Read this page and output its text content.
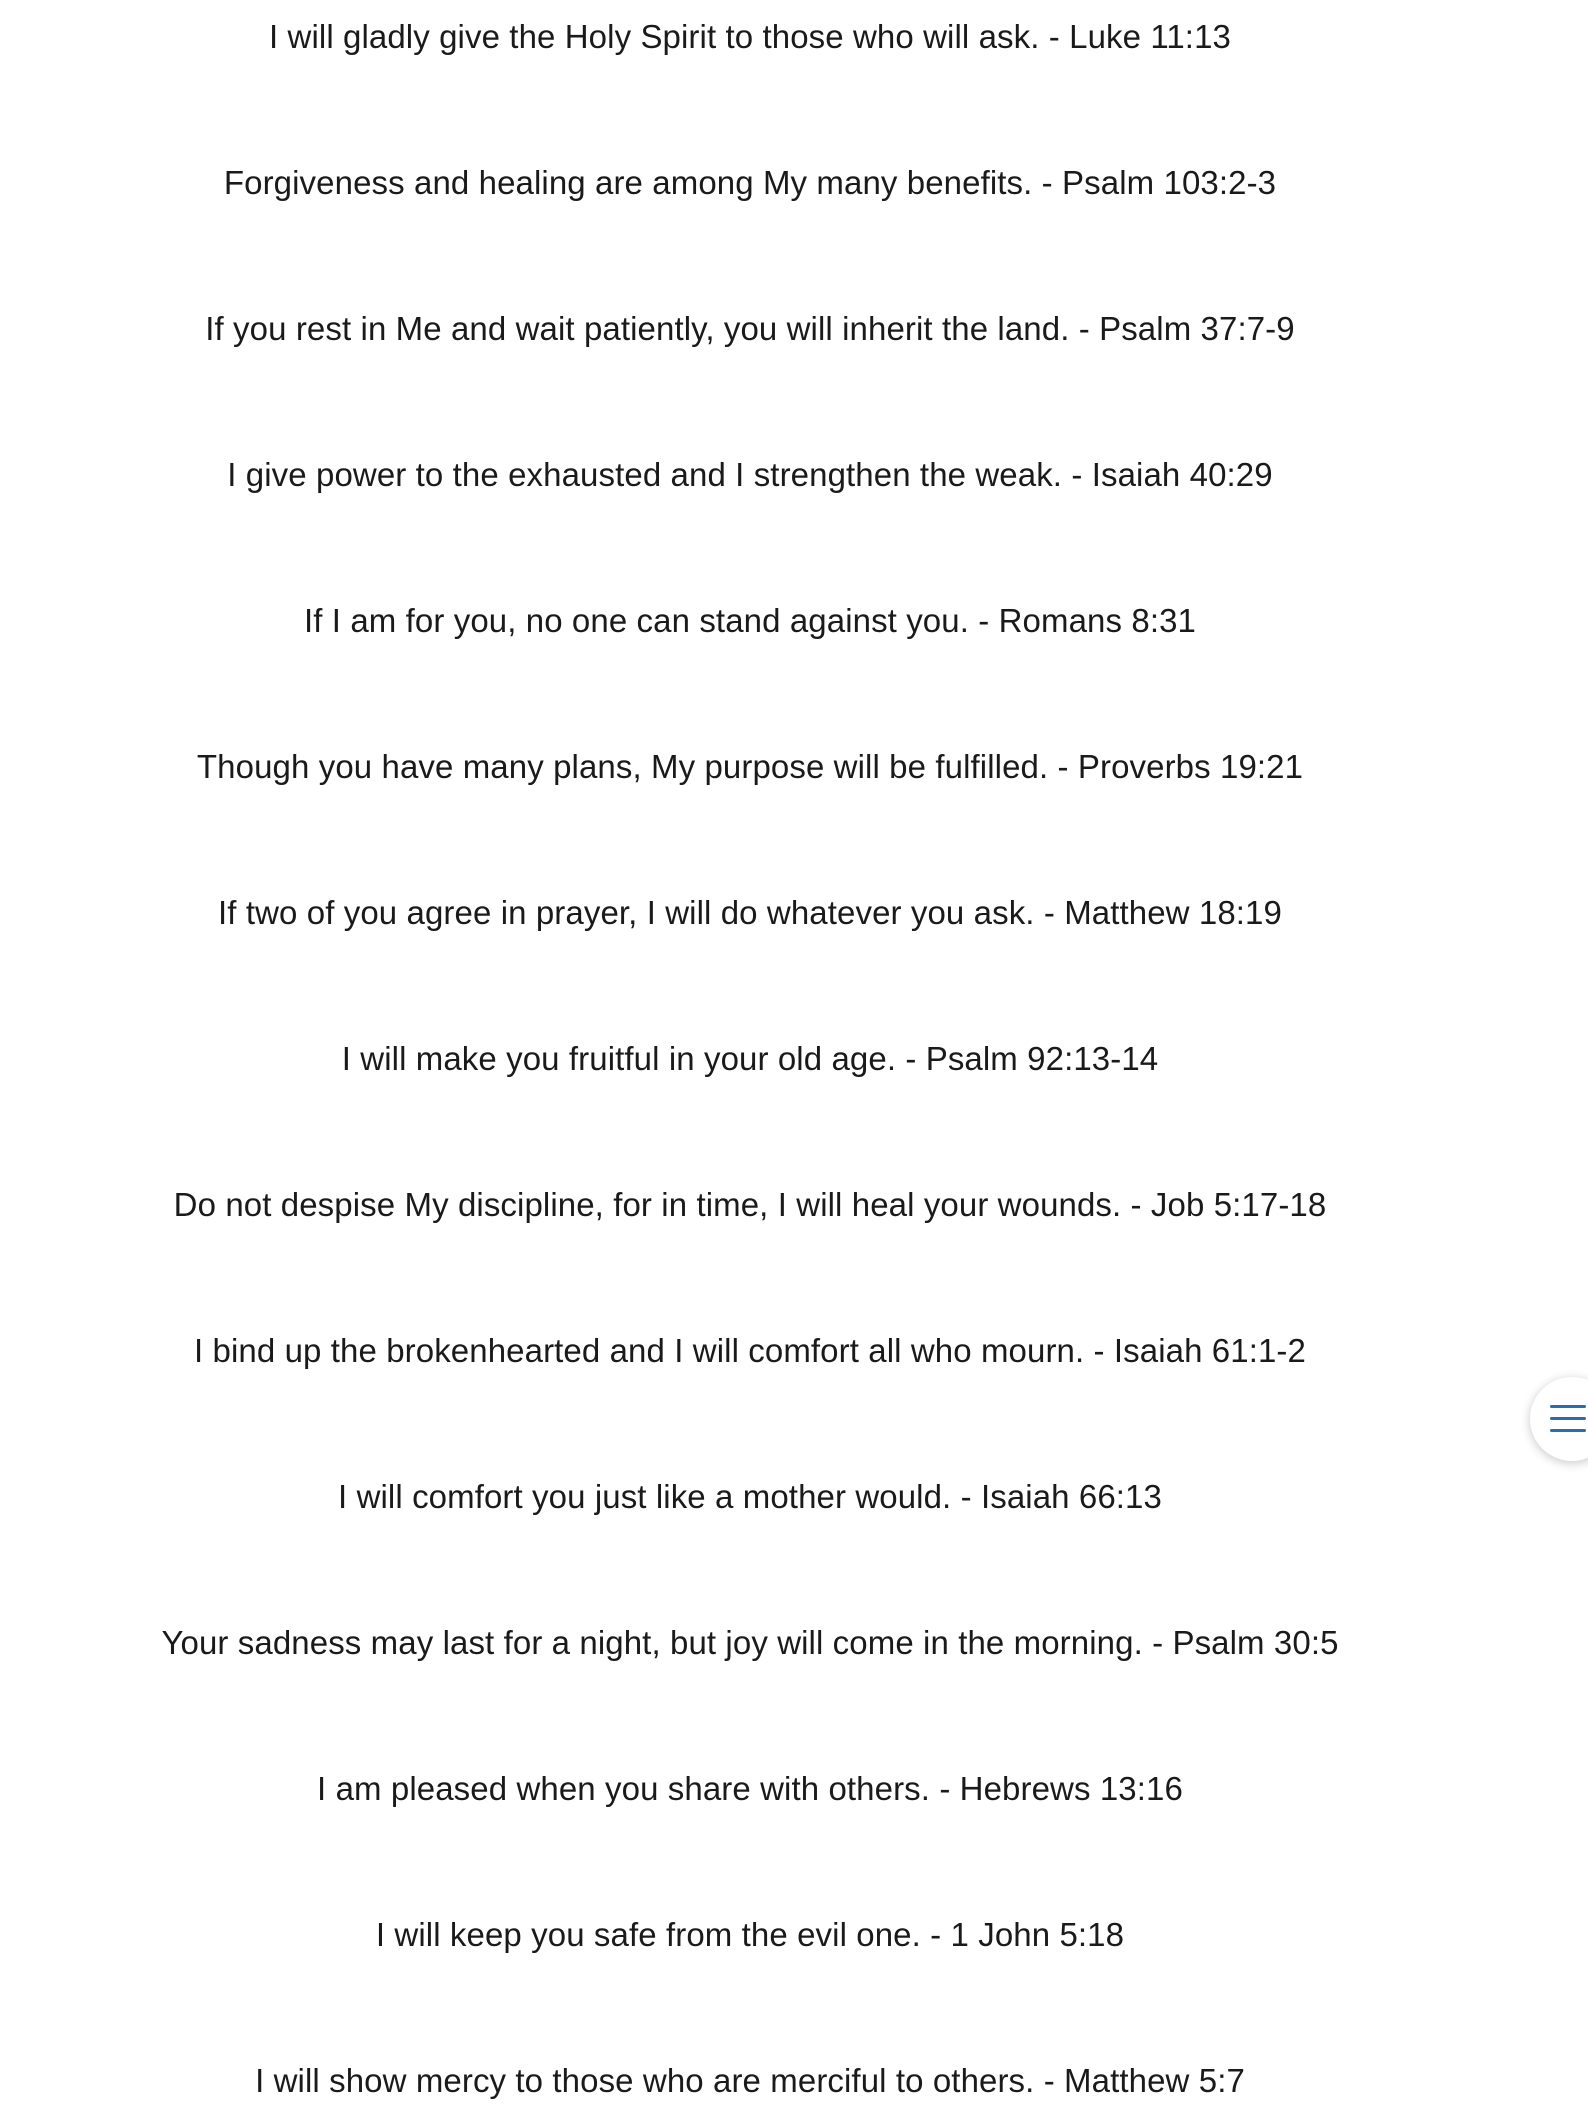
I will gladly give the Holy Spirit to those who will ask. - Luke 11:13
Forgiveness and healing are among My many benefits. - Psalm 103:2-3
If you rest in Me and wait patiently, you will inherit the land. - Psalm 37:7-9
I give power to the exhausted and I strengthen the weak. - Isaiah 40:29
If I am for you, no one can stand against you. - Romans 8:31
Though you have many plans, My purpose will be fulfilled. - Proverbs 19:21
If two of you agree in prayer, I will do whatever you ask. - Matthew 18:19
I will make you fruitful in your old age. - Psalm 92:13-14
Do not despise My discipline, for in time, I will heal your wounds. - Job 5:17-18
I bind up the brokenhearted and I will comfort all who mourn. - Isaiah 61:1-2
I will comfort you just like a mother would. - Isaiah 66:13
Your sadness may last for a night, but joy will come in the morning. - Psalm 30:5
I am pleased when you share with others. - Hebrews 13:16
I will keep you safe from the evil one. - 1 John 5:18
I will show mercy to those who are merciful to others. - Matthew 5:7
